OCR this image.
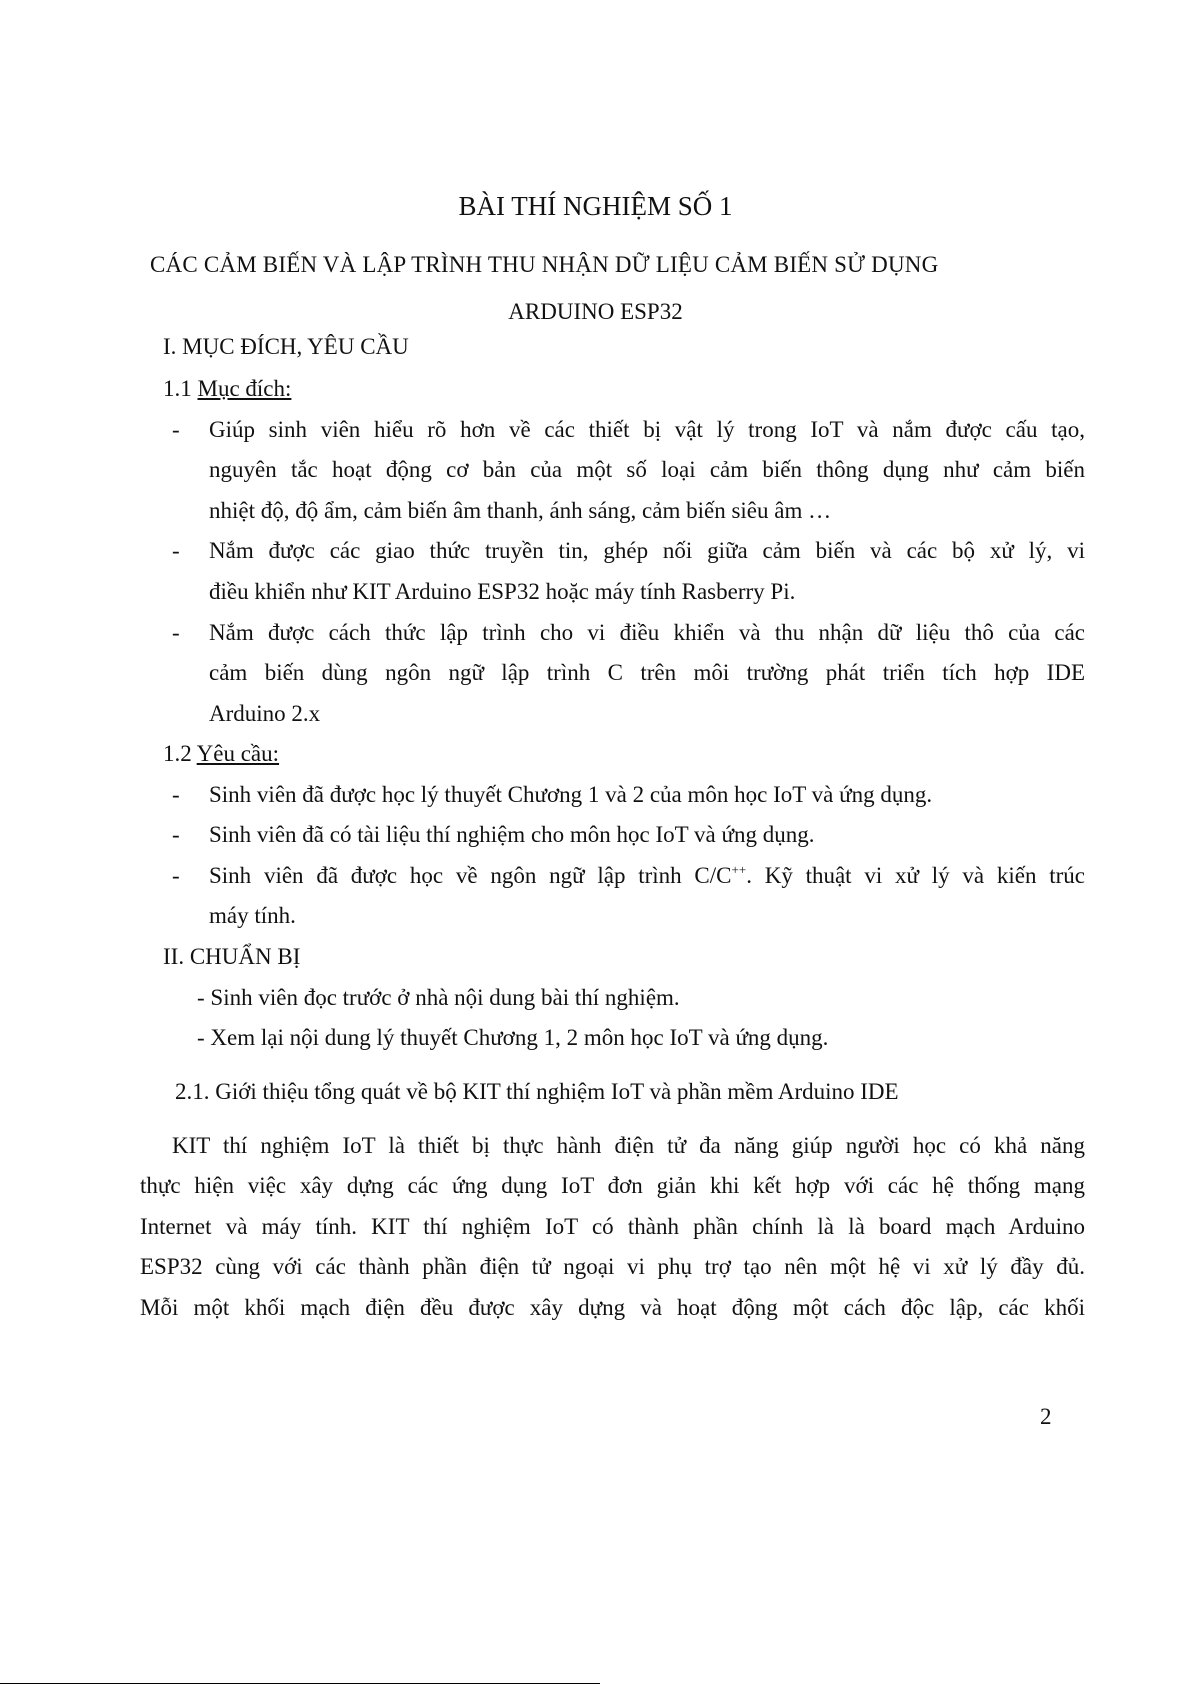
BÀI THÍ NGHIỆM SỐ 1
CÁC CẢM BIẾN VÀ LẬP TRÌNH THU NHẬN DỮ LIỆU CẢM BIẾN SỬ DỤNG
ARDUINO ESP32
I. MỤC ĐÍCH, YÊU CẦU
1.1 Mục đích:
- Giúp sinh viên hiểu rõ hơn về các thiết bị vật lý trong IoT và nắm được cấu tạo,
nguyên tắc hoạt động cơ bản của một số loại cảm biến thông dụng như cảm biến
nhiệt độ, độ ẩm, cảm biến âm thanh, ánh sáng, cảm biến siêu âm …
- Nắm được các giao thức truyền tin, ghép nối giữa cảm biến và các bộ xử lý, vi
điều khiển như KIT Arduino ESP32 hoặc máy tính Rasberry Pi.
- Nắm được cách thức lập trình cho vi điều khiển và thu nhận dữ liệu thô của các
cảm biến dùng ngôn ngữ lập trình C trên môi trường phát triển tích hợp IDE
Arduino 2.x
1.2 Yêu cầu:
- Sinh viên đã được học lý thuyết Chương 1 và 2 của môn học IoT và ứng dụng.
- Sinh viên đã có tài liệu thí nghiệm cho môn học IoT và ứng dụng.
- Sinh viên đã được học về ngôn ngữ lập trình C/C++. Kỹ thuật vi xử lý và kiến trúc
máy tính.
II. CHUẨN BỊ
- Sinh viên đọc trước ở nhà nội dung bài thí nghiệm.
- Xem lại nội dung lý thuyết Chương 1, 2 môn học IoT và ứng dụng.
2.1. Giới thiệu tổng quát về bộ KIT thí nghiệm IoT và phần mềm Arduino IDE
KIT thí nghiệm IoT là thiết bị thực hành điện tử đa năng giúp người học có khả năng
thực hiện việc xây dựng các ứng dụng IoT đơn giản khi kết hợp với các hệ thống mạng
Internet và máy tính. KIT thí nghiệm IoT có thành phần chính là là board mạch Arduino
ESP32 cùng với các thành phần điện tử ngoại vi phụ trợ tạo nên một hệ vi xử lý đầy đủ.
Mỗi một khối mạch điện đều được xây dựng và hoạt động một cách độc lập, các khối
2
